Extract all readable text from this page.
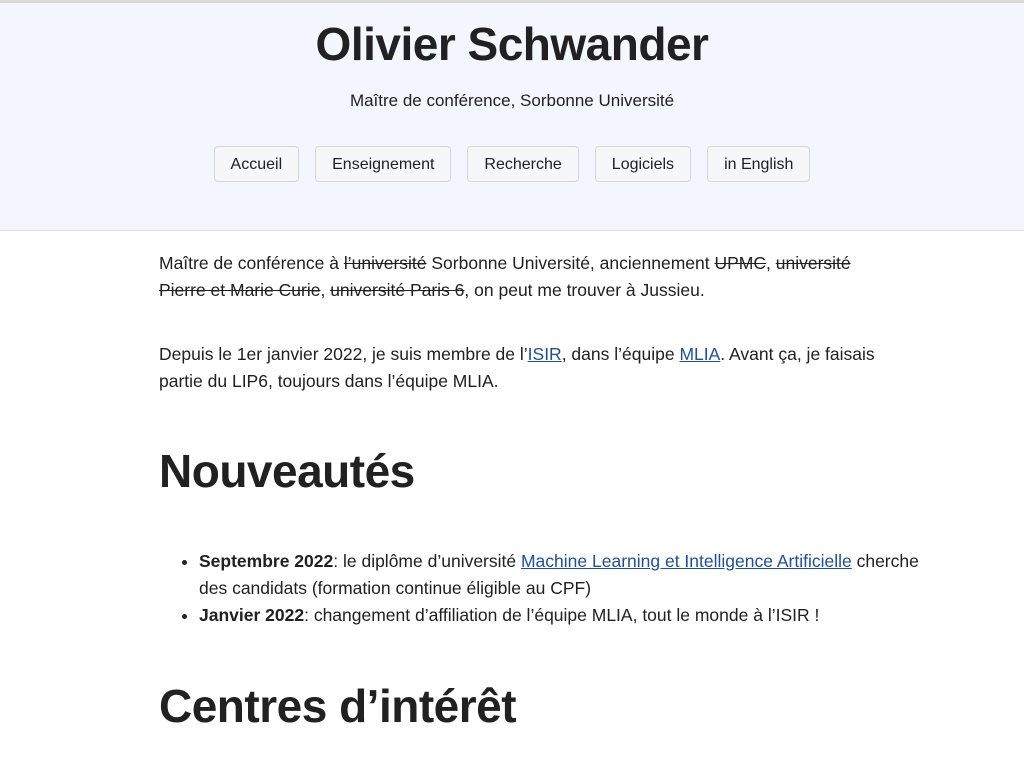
Olivier Schwander

Maître de conférence, Sorbonne Université

Accueil	Enseignement	Recherche	Logiciels	in English

Maître de conférence à l’université Sorbonne Université, anciennement UPMC, université Pierre et Marie Curie, université Paris 6, on peut me trouver à Jussieu.

Depuis le 1er janvier 2022, je suis membre de l’ISIR, dans l’équipe MLIA. Avant ça, je faisais partie du LIP6, toujours dans l’équipe MLIA.

Nouveautés
• Septembre 2022: le diplôme d’université Machine Learning et Intelligence Artificielle cherche des candidats (formation continue éligible au CPF)
• Janvier 2022: changement d’affiliation de l’équipe MLIA, tout le monde à l’ISIR !
Centres d’intérêt
